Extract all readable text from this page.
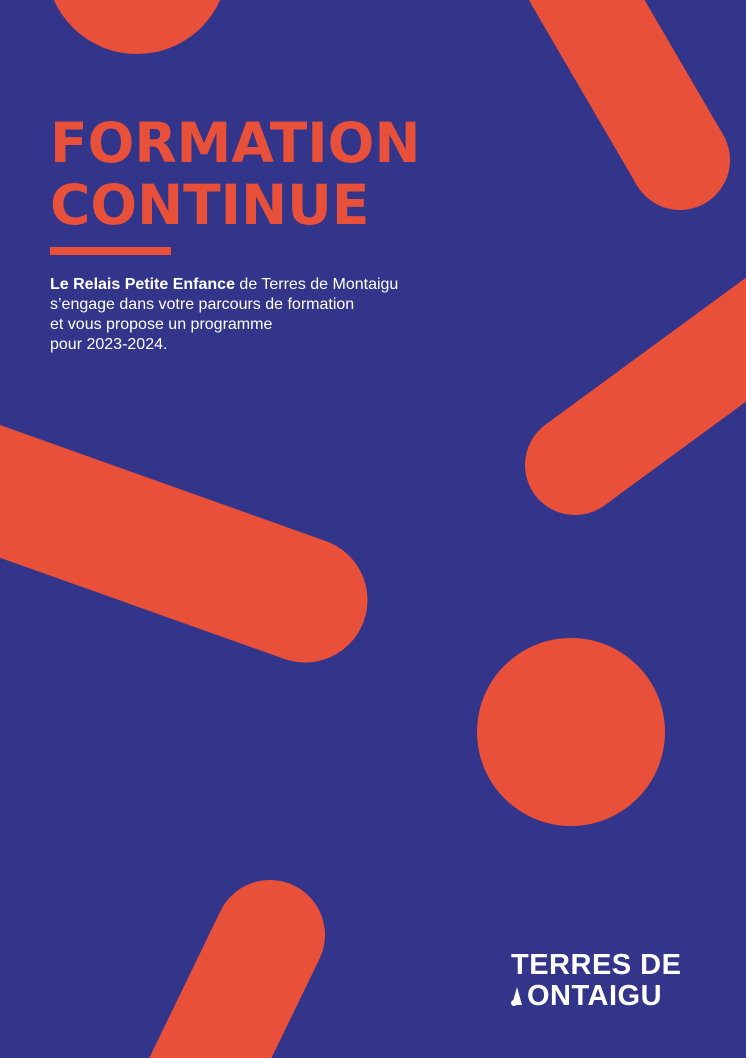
FORMATION
CONTINUE

Le Relais Petite Enfance de Terres de Montaigu
s’engage dans votre parcours de formation
et vous propose un programme
pour 2023-2024.

TERRES DE
ONTAIGU
